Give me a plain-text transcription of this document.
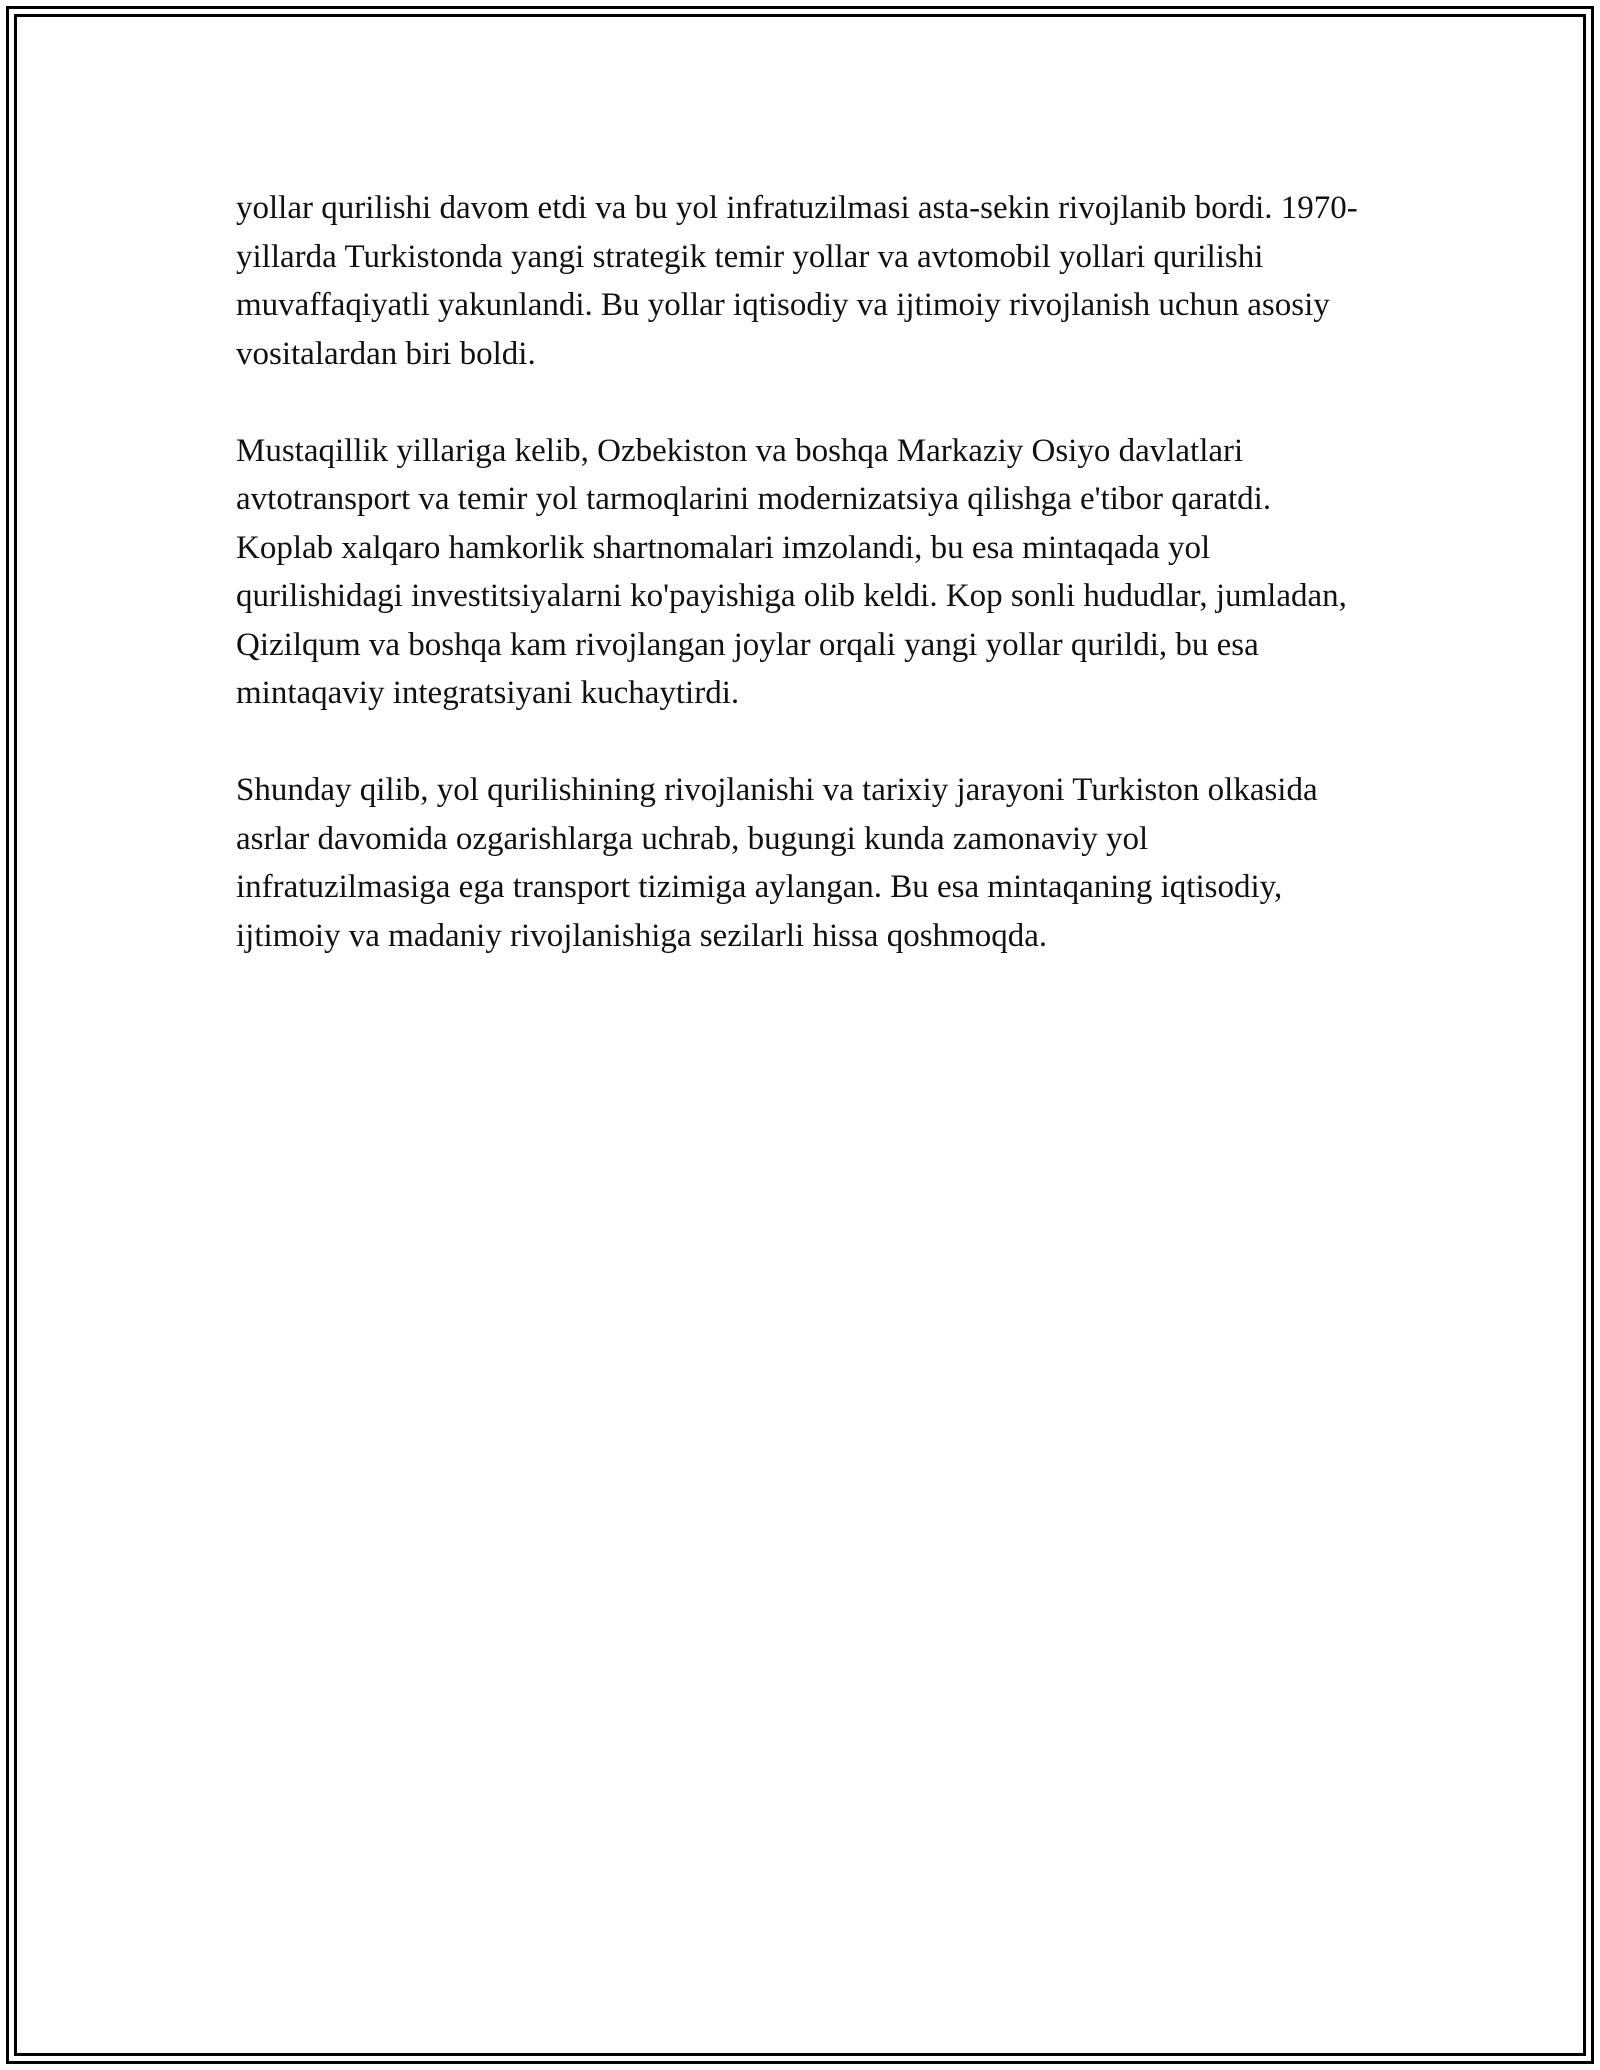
yollar qurilishi davom etdi va bu yol infratuzilmasi asta-sekin rivojlanib bordi. 1970-yillarda Turkistonda yangi strategik temir yollar va avtomobil yollari qurilishi muvaffaqiyatli yakunlandi. Bu yollar iqtisodiy va ijtimoiy rivojlanish uchun asosiy vositalardan biri boldi.

Mustaqillik yillariga kelib, Ozbekiston va boshqa Markaziy Osiyo davlatlari avtotransport va temir yol tarmoqlarini modernizatsiya qilishga e'tibor qaratdi. Koplab xalqaro hamkorlik shartnomalari imzolandi, bu esa mintaqada yol qurilishidagi investitsiyalarni ko'payishiga olib keldi. Kop sonli hududlar, jumladan, Qizilqum va boshqa kam rivojlangan joylar orqali yangi yollar qurildi, bu esa mintaqaviy integratsiyani kuchaytirdi.

Shunday qilib, yol qurilishining rivojlanishi va tarixiy jarayoni Turkiston olkasida asrlar davomida ozgarishlarga uchrab, bugungi kunda zamonaviy yol infratuzilmasiga ega transport tizimiga aylangan. Bu esa mintaqaning iqtisodiy, ijtimoiy va madaniy rivojlanishiga sezilarli hissa qoshmoqda.
